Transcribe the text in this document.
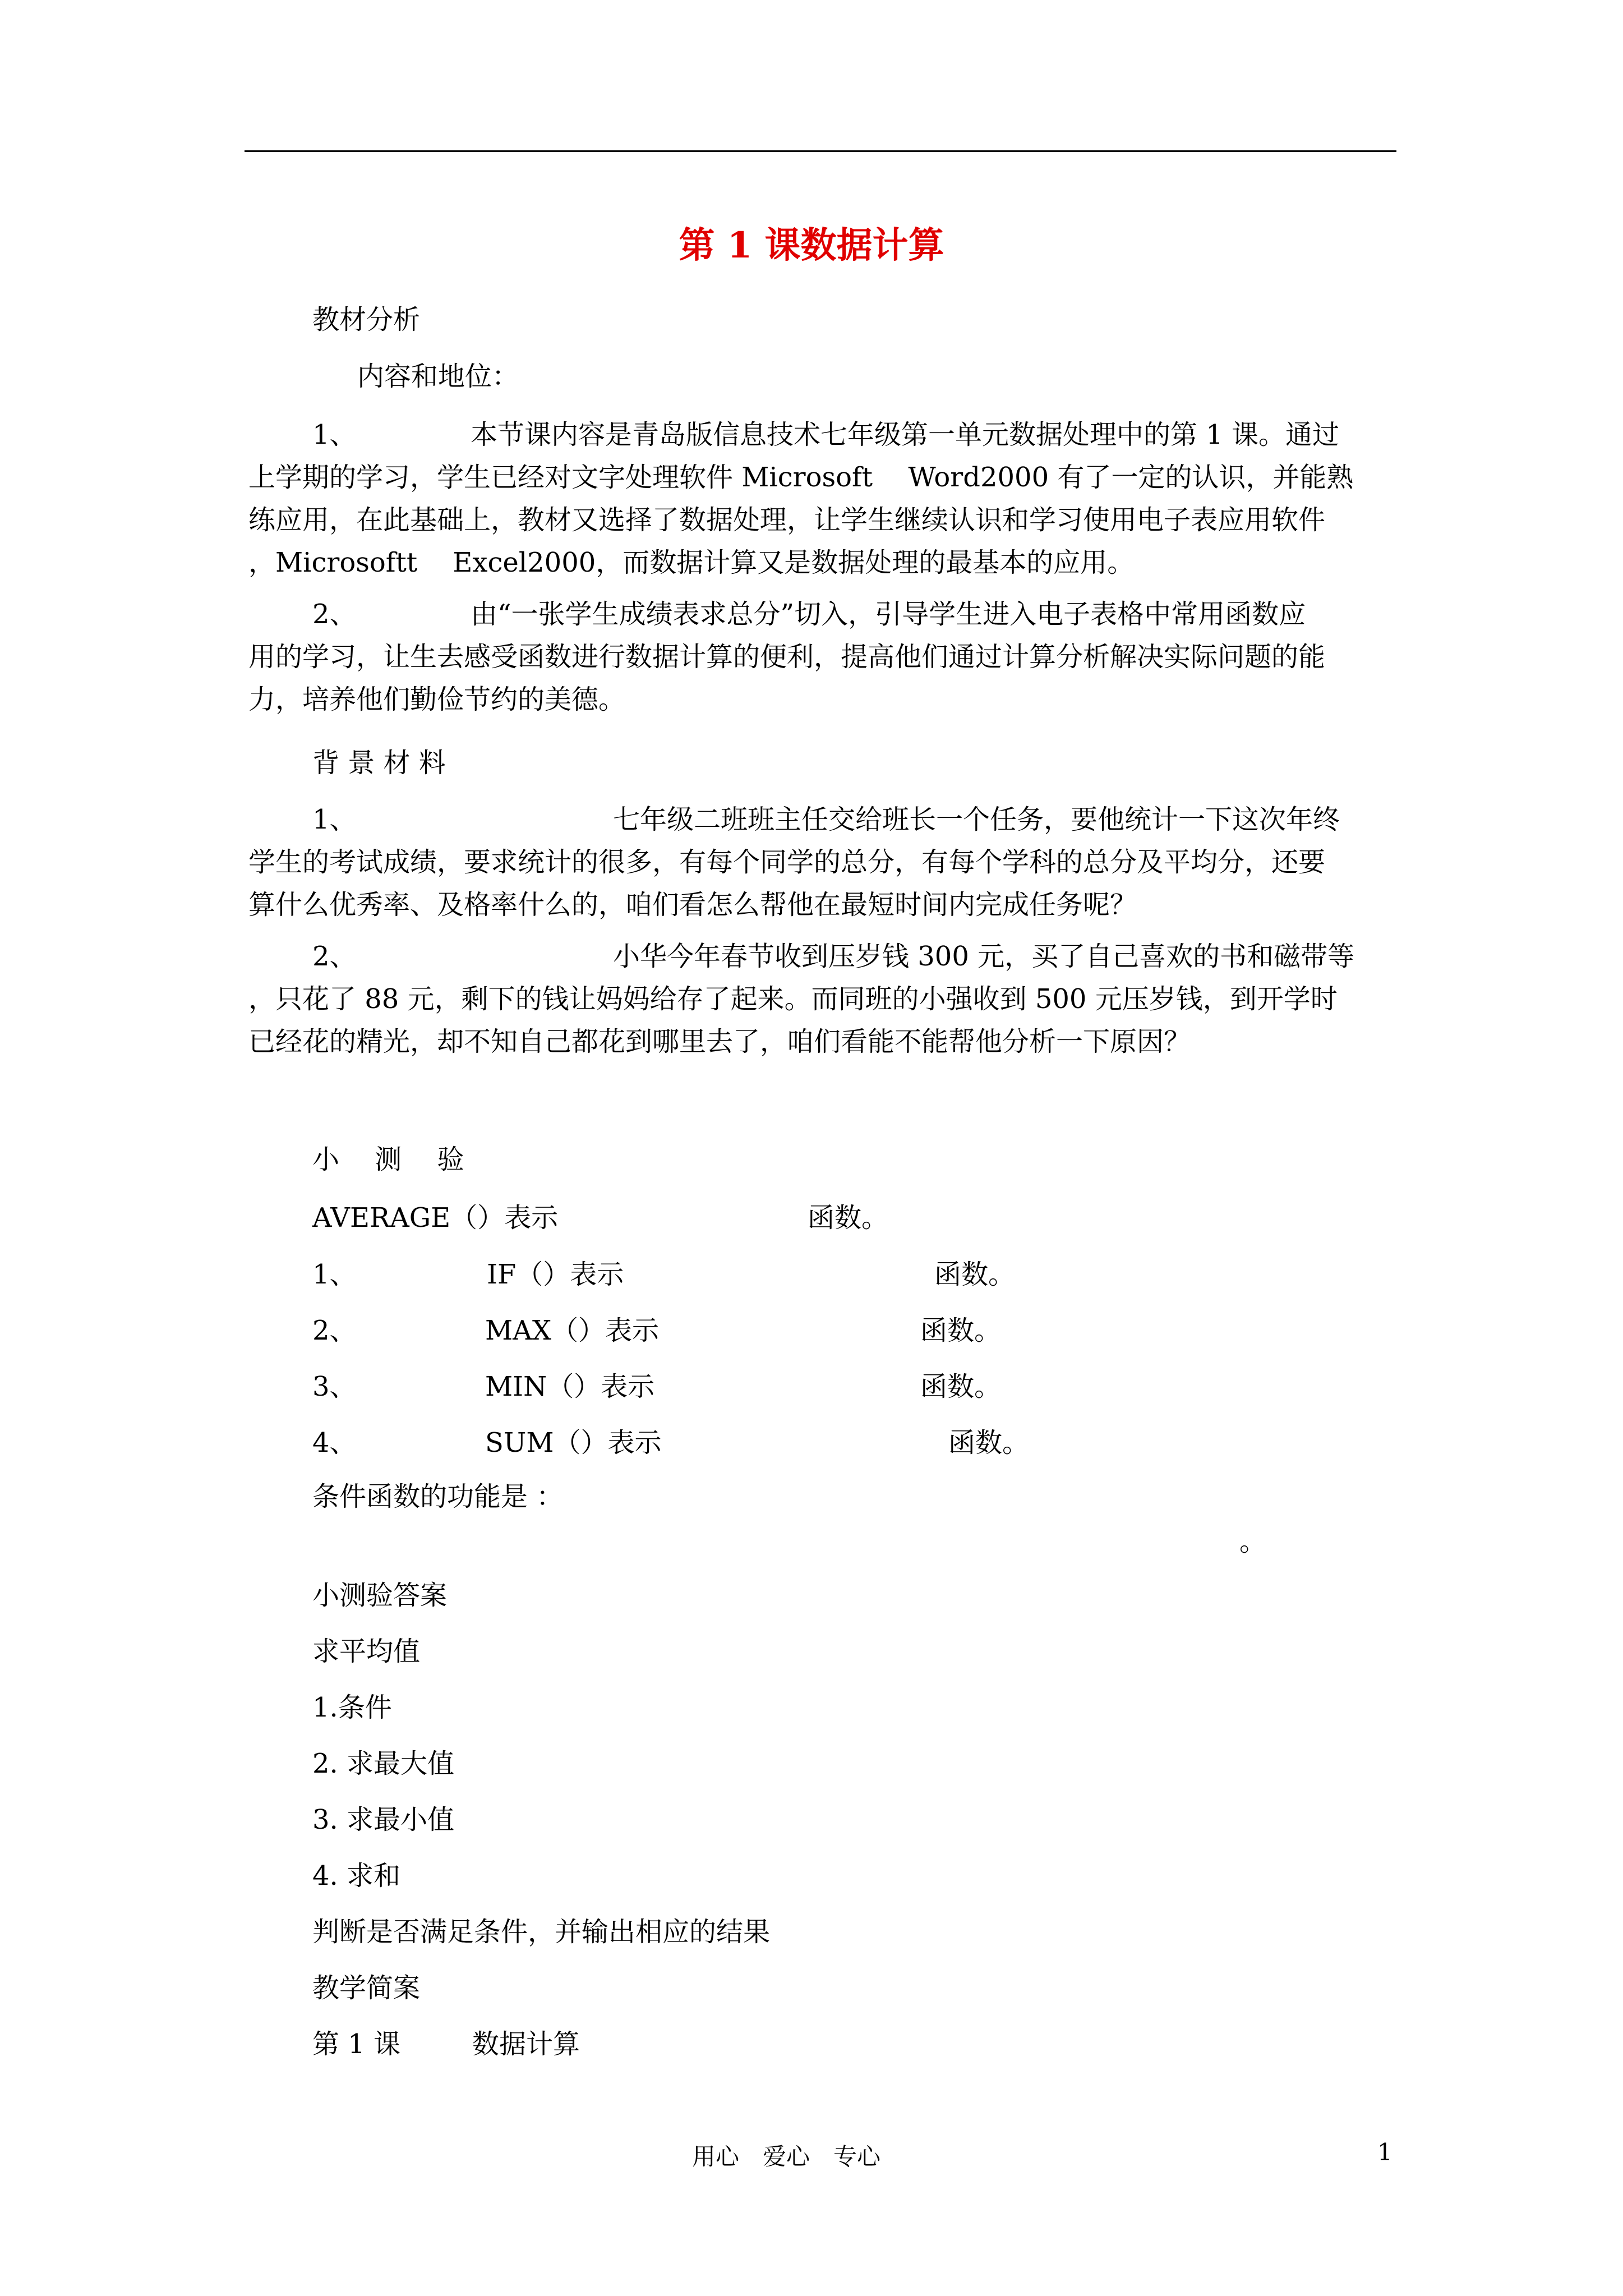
第 1 课数据计算
教材分析
内容和地位：
1、	本节课内容是青岛版信息技术七年级第一单元数据处理中的第 1 课。通过
上学期的学习，学生已经对文字处理软件 Microsoft　 Word2000 有了一定的认识，并能熟
练应用，在此基础上，教材又选择了数据处理，让学生继续认识和学习使用电子表应用软件
，Microsoftt　 Excel2000，而数据计算又是数据处理的最基本的应用。
2、	由“一张学生成绩表求总分”切入，引导学生进入电子表格中常用函数应
用的学习，让生去感受函数进行数据计算的便利，提高他们通过计算分析解决实际问题的能
力，培养他们勤俭节约的美德。
背 景 材 料
1、	七年级二班班主任交给班长一个任务，要他统计一下这次年终
学生的考试成绩，要求统计的很多，有每个同学的总分，有每个学科的总分及平均分，还要
算什么优秀率、及格率什么的，咱们看怎么帮他在最短时间内完成任务呢？
2、	小华今年春节收到压岁钱 300 元，买了自己喜欢的书和磁带等
，只花了 88 元，剩下的钱让妈妈给存了起来。而同班的小强收到 500 元压岁钱，到开学时
已经花的精光，却不知自己都花到哪里去了，咱们看能不能帮他分析一下原因？
小　 测　 验
AVERAGE（）表示	函数。
1、	IF（）表示	函数。
2、	MAX（）表示	函数。
3、	MIN（）表示	函数。
4、	SUM（）表示	函数。
条件函数的功能是 ：
。
小测验答案
求平均值
1.条件
2. 求最大值
3. 求最小值
4. 求和
判断是否满足条件，并输出相应的结果
教学简案
第 1 课	数据计算
用心　爱心　专心	1
